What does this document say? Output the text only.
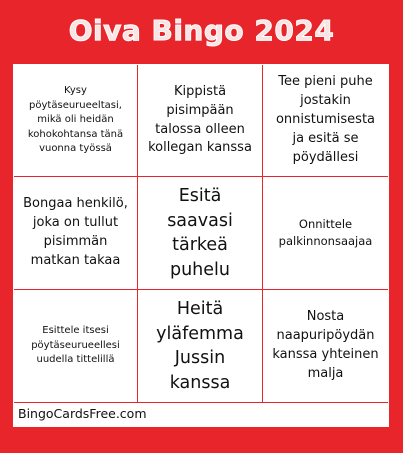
Oiva Bingo 2024
Kysy pöytäseurueeltasi, mikä oli heidän kohokohtansa tänä vuonna työssä
Kippistä pisimpään talossa olleen kollegan kanssa
Tee pieni puhe jostakin onnistumisesta ja esitä se pöydällesi
Bongaa henkilö, joka on tullut pisimmän matkan takaa
Esitä saavasi tärkeä puhelu
Onnittele palkinnonsaajaa
Esittele itsesi pöytäseurueellesi uudella tittelillä
Heitä yläfemma Jussin kanssa
Nosta naapuripöydän kanssa yhteinen malja
BingoCardsFree.com
